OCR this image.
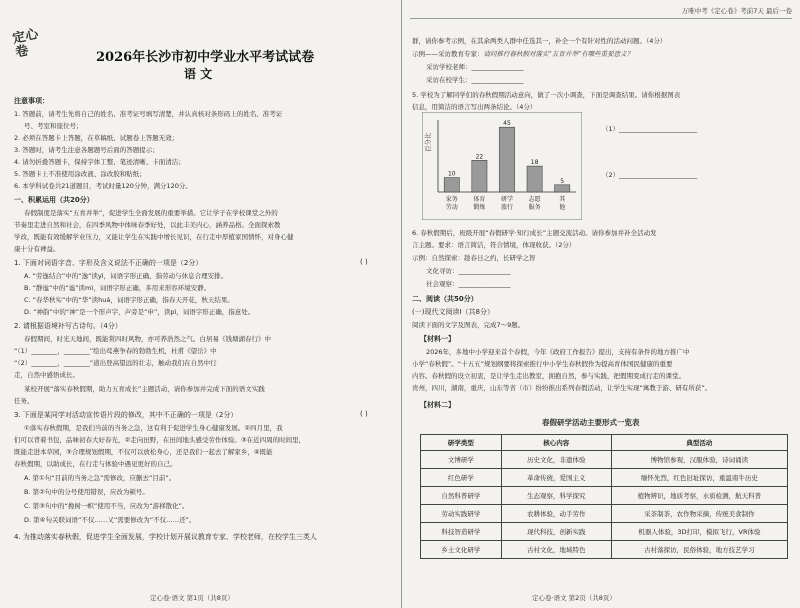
定心卷	2026年长沙市初中学业水平考试试卷
语 文
注意事项：
1. 答题前，请考生先将自己的姓名、准考证号填写清楚，并认真核对条形码上的姓名、准考证
号、考室和座位号；
2. 必须在答题卡上答题，在草稿纸、试题卷上答题无效；
3. 答题时，请考生注意各题题号后面的答题提示；
4. 请勿折叠答题卡，保持字体工整、笔迹清晰、卡面清洁；
5. 答题卡上不准使用涂改液、涂改胶和贴纸；
6. 本学科试卷共21道题目，考试时量120分钟，满分120分。
一、积累运用（共20分）
春假制度是落实“五育并举”，促进学生全面发展的重要举措。它让学子在学校课堂之外的
节奏里走进自然和社会，在四季风物中体味春季好处，以此丰美内心，涵养品格。全面探索教
学改，既能有效缓解学业压力，又能让学生在实践中增长见识，在行走中厚植家国情怀，对身心健
康十分有裨益。
1. 下面对词语字音、字形及含义说法不正确的一项是（2分）	( )
A. “劳逸结合”中的“逸”读yì，词语字形正确，指劳动与休息合理安排。
B. “静谧”中的“谧”读mì，词语字形正确，多用来形容环境安静。
C. “春华秋实”中的“华”读huá，词语字形正确，指春天开花，秋天结果。
D. “神韵”中的“神”是一个形声字，声旁是“申”，读pì，词语字形正确，指意处。
2. 请根据语境补写古诗句。（4分）
春假期间，时光天地间，既能赏四时风物，亦可养浩然之气。白居易《钱塘湖春行》中
“（1）________，________”绘出莺燕争春的勃勃生机，杜甫《望岳》中
“（2）________，________”道出登高望远的壮志，触动我们在自然中行
走，自然中感悟成长。
某校开展“落实春秋假期，助力五育成长”主题活动，请你参加并完成下面的语文实践
任务。
3. 下面是某同学对活动宣传语片段的修改，其中不正确的一项是（2分）	( )
①落实春秋假期，是我们当前的当务之急，这有利于促进学生身心健康发展。②四月里，我
们可以背着书包，品味初春大好春光，②走向田野，在田间地头感受劳作体验。③在近四周的时间里，
既能走进本草园，③合理规划假期，不仅可以放松身心，还是我们一起去了解家乡，④既能
春秋假期，以助成长，在行走与体验中遇见更好的自己。
A. 第①句“目前的当务之急”需修改，应删去“目前”。
B. 第②句中的分号使用错误，应改为顿号。
C. 第③句中的“挽树一帜”使用不当，应改为“游移散化”。
D. 第④句关联词语“不仅……又”需要修改为“不仅……还”。
4. 为推动落实春秋假，促进学生全面发展，学校计划开展议教育专家、学校老师，在校学生三类人
定心卷·语文 第1页（共8页）
万唯中考《定心卷》考前7天 最后一卷
群，请你参考示例，在其余两类人群中任选其一，补全一个有针对性的活动问题。（4分）
示例——采访教育专家：请问推行春秋假对落实“五育并举”有哪些重要意义？
采访学校老师：________________
采访在校学生：________________
5. 学校为了解同学们的春秋假期活动意向，做了一次小调查，下面是调查结果。请你根据图表
信息，用简洁的语言写出两条结论。（4分）
百分比
10
家务
劳动
22
体育
锻炼
45
研学
旅行
18
志愿
服务
5
其
他
（1）________________________
（2）________________________
6. 春秋假期后，班级开展“春假研学·知行成长”主题交流活动。请你参加并补全活动发
言主题。要求：语言简洁，符合情境，体现收获。（2分）
示例：自然探索：趁春日之约，长研学之智
文化寻访：________________
社会观察：________________
二、阅读（共50分）
(一)现代文阅读Ⅰ（共8分）
阅读下面的文字及图表，完成7～9题。
【材料一】
2026年，多地中小学迎来首个春假，今年《政府工作报告》提出，支持有条件的地方推广中
小学“春秋假”。“十五五”规划纲要将探索推行中小学生春秋假作为提高育体国民健康的重要
内容。春秋假的设立初衷，是让学生走出教室，拥抱自然，参与实践，把假期变成行走的课堂。
贵州，四川，湖南，重庆，山东等省（市）纷纷推出系列春假活动，让学生实现“寓教于游、研有所获”。
【材料二】
春假研学活动主要形式一览表
研学类型	核心内容	典型活动
文博研学	历史文化，非遗体验	博物馆参观，汉服体验，诗词诵读
红色研学	革命传统，爱国主义	缅怀先烈，红色旧址探访，重温南牛历史
自然科普研学	生态观察，科学探究	植物辨识，地质考察，水质检测，航天科普
劳动实践研学	农耕体验，动手劳作	采茶制茶，农作物采摘，传统美食制作
科技智造研学	现代科技，创新实践	机器人体验，3D打印，模拟飞行，VR体验
乡土文化研学	古村文化，地域特色	古村落探访，民俗体验，地方技艺学习
定心卷·语文 第2页（共8页）
